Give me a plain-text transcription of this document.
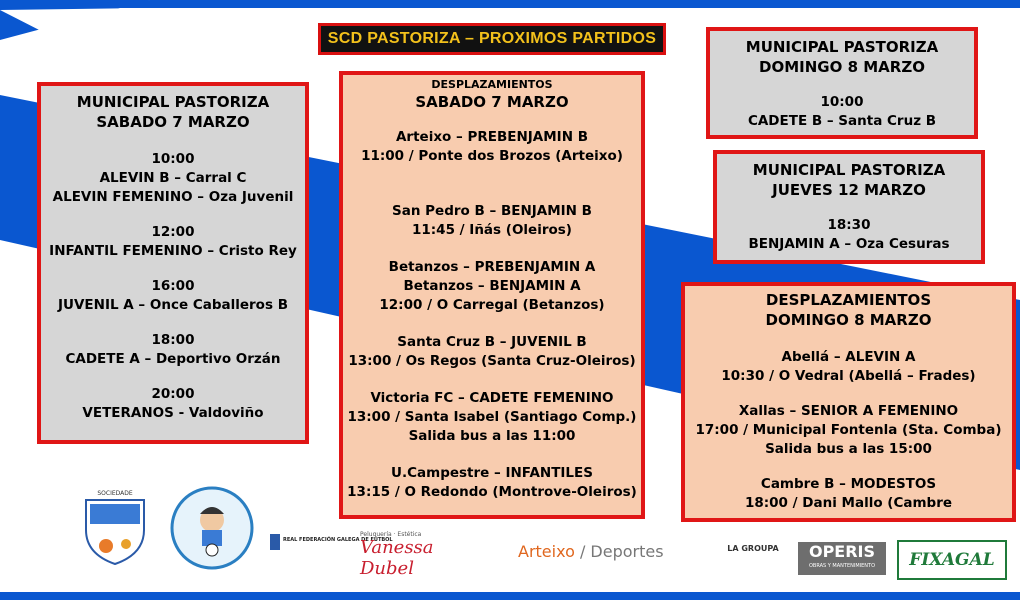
SCD PASTORIZA – PROXIMOS PARTIDOS
MUNICIPAL PASTORIZA
SABADO 7 MARZO
10:00
ALEVIN B – Carral C
ALEVIN FEMENINO – Oza Juvenil
12:00
INFANTIL FEMENINO – Cristo Rey
16:00
JUVENIL A – Once Caballeros B
18:00
CADETE A – Deportivo Orzán
20:00
VETERANOS - Valdoviño
DESPLAZAMIENTOS
SABADO 7 MARZO
Arteixo – PREBENJAMIN B
11:00 / Ponte dos Brozos (Arteixo)
San Pedro B – BENJAMIN B
11:45 / Iñás (Oleiros)
Betanzos – PREBENJAMIN A
Betanzos – BENJAMIN A
12:00 / O Carregal (Betanzos)
Santa Cruz B – JUVENIL B
13:00 / Os Regos (Santa Cruz-Oleiros)
Victoria FC – CADETE FEMENINO
13:00 / Santa Isabel (Santiago Comp.)
Salida bus a las 11:00
U.Campestre – INFANTILES
13:15 / O Redondo (Montrove-Oleiros)
MUNICIPAL PASTORIZA
DOMINGO 8 MARZO
10:00
CADETE B – Santa Cruz B
MUNICIPAL PASTORIZA
JUEVES 12 MARZO
18:30
BENJAMIN A – Oza Cesuras
DESPLAZAMIENTOS
DOMINGO 8 MARZO
Abellá – ALEVIN A
10:30 / O Vedral (Abellá – Frades)
Xallas – SENIOR A FEMENINO
17:00 / Municipal Fontenla (Sta. Comba)
Salida bus a las 15:00
Cambre B – MODESTOS
18:00 / Dani Mallo (Cambre
SOCIEDADE
REAL FEDERACIÓN GALEGA DE FÚTBOL
Peluquería · Estética
Vanessa Dubel
Arteixo / Deportes	LA GROUPA	OPERIS
OBRAS Y MANTENIMIENTO	FIXAGAL
